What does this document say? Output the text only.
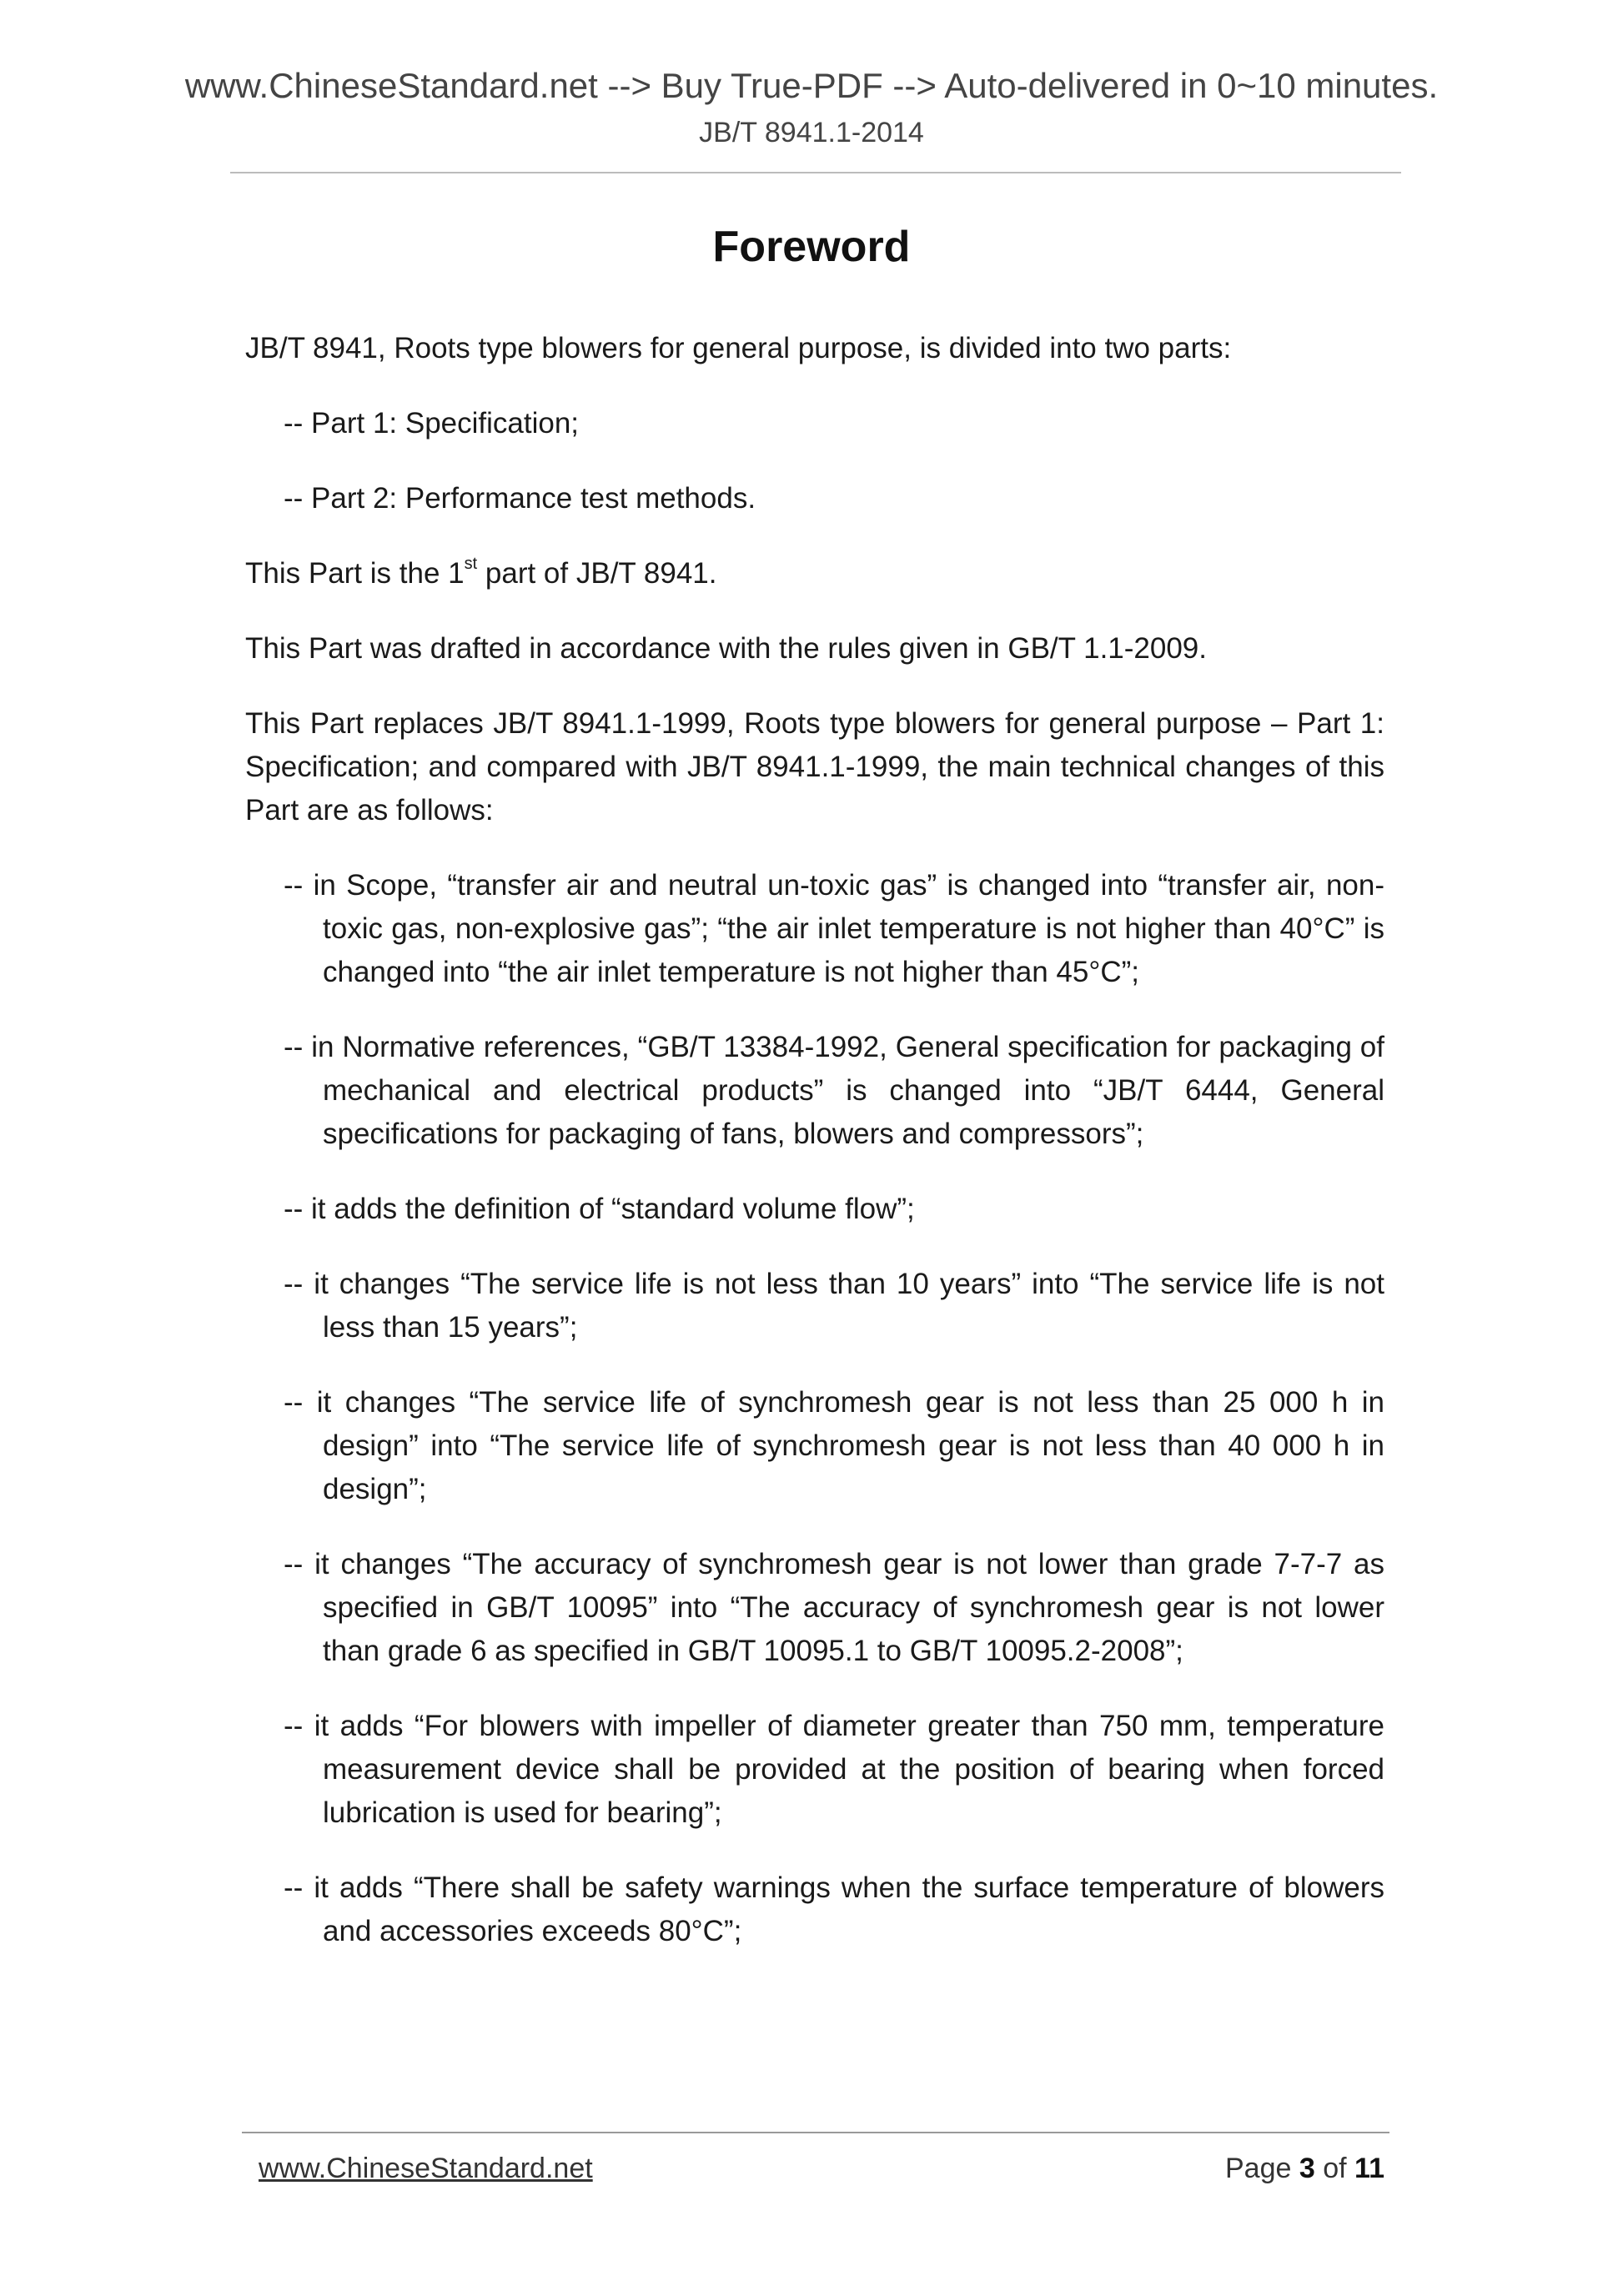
www.ChineseStandard.net --> Buy True-PDF --> Auto-delivered in 0~10 minutes.
JB/T 8941.1-2014
Foreword

JB/T 8941, Roots type blowers for general purpose, is divided into two parts:

-- Part 1: Specification;

-- Part 2: Performance test methods.

This Part is the 1st part of JB/T 8941.

This Part was drafted in accordance with the rules given in GB/T 1.1-2009.

This Part replaces JB/T 8941.1-1999, Roots type blowers for general purpose – Part 1: Specification; and compared with JB/T 8941.1-1999, the main technical changes of this Part are as follows:

-- in Scope, “transfer air and neutral un-toxic gas” is changed into “transfer air, non-toxic gas, non-explosive gas”; “the air inlet temperature is not higher than 40°C” is changed into “the air inlet temperature is not higher than 45°C”;

-- in Normative references, “GB/T 13384-1992, General specification for packaging of mechanical and electrical products” is changed into “JB/T 6444, General specifications for packaging of fans, blowers and compressors”;

-- it adds the definition of “standard volume flow”;

-- it changes “The service life is not less than 10 years” into “The service life is not less than 15 years”;

-- it changes “The service life of synchromesh gear is not less than 25 000 h in design” into “The service life of synchromesh gear is not less than 40 000 h in design”;

-- it changes “The accuracy of synchromesh gear is not lower than grade 7-7-7 as specified in GB/T 10095” into “The accuracy of synchromesh gear is not lower than grade 6 as specified in GB/T 10095.1 to GB/T 10095.2-2008”;

-- it adds “For blowers with impeller of diameter greater than 750 mm, temperature measurement device shall be provided at the position of bearing when forced lubrication is used for bearing”;

-- it adds “There shall be safety warnings when the surface temperature of blowers and accessories exceeds 80°C”;

www.ChineseStandard.net	Page 3 of 11
